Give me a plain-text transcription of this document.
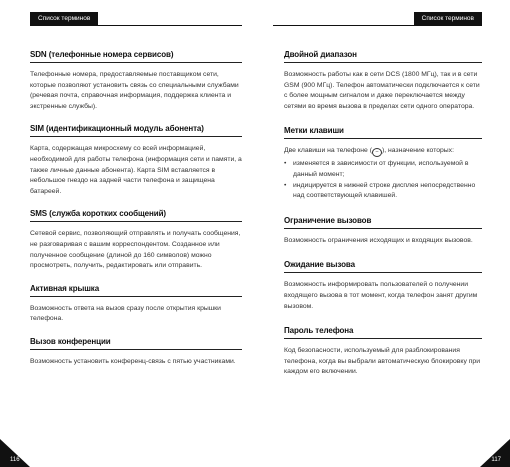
Список терминов	Список терминов
SDN (телефонные номера сервисов)

Телефонные номера, предоставляемые поставщиком сети, которые позволяют установить связь со специальными службами (речевая почта, справочная информация, поддержка клиента и экстренные службы).

SIM (идентификационный модуль абонента)

Карта, содержащая микросхему со всей информацией, необходимой для работы телефона (информация сети и памяти, а также личные данные абонента). Карта SIM вставляется в небольшое гнездо на задней части телефона и защищена батареей.

SMS (служба коротких сообщений)

Сетевой сервис, позволяющий отправлять и получать сообщения, не разговаривая с вашим корреспондентом. Созданное или полученное сообщение (длиной до 160 символов) можно просмотреть, получить, редактировать или отправить.

Активная крышка

Возможность ответа на вызов сразу после открытия крышки телефона.

Вызов конференции

Возможность установить конференц-связь с пятью участниками.

Двойной диапазон

Возможность работы как в сети DCS (1800 МГц), так и в сети GSM (900 МГц). Телефон автоматически подключается к сети с более мощным сигналом и даже переключается между сетями во время вызова в пределах сети одного оператора.

Метки клавиши

Две клавиши на телефоне ( – ), назначение которых:

• изменяется в зависимости от функции, используемой в данный момент;
• индицируется в нижней строке дисплея непосредственно над соответствующей клавишей.
Ограничение вызовов

Возможность ограничения исходящих и входящих вызовов.

Ожидание вызова

Возможность информировать пользователей о получении входящего вызова в тот момент, когда телефон занят другим вызовом.

Пароль телефона

Код безопасности, используемый для разблокирования телефона, когда вы выбрали автоматическую блокировку при каждом его включении.

116	117
